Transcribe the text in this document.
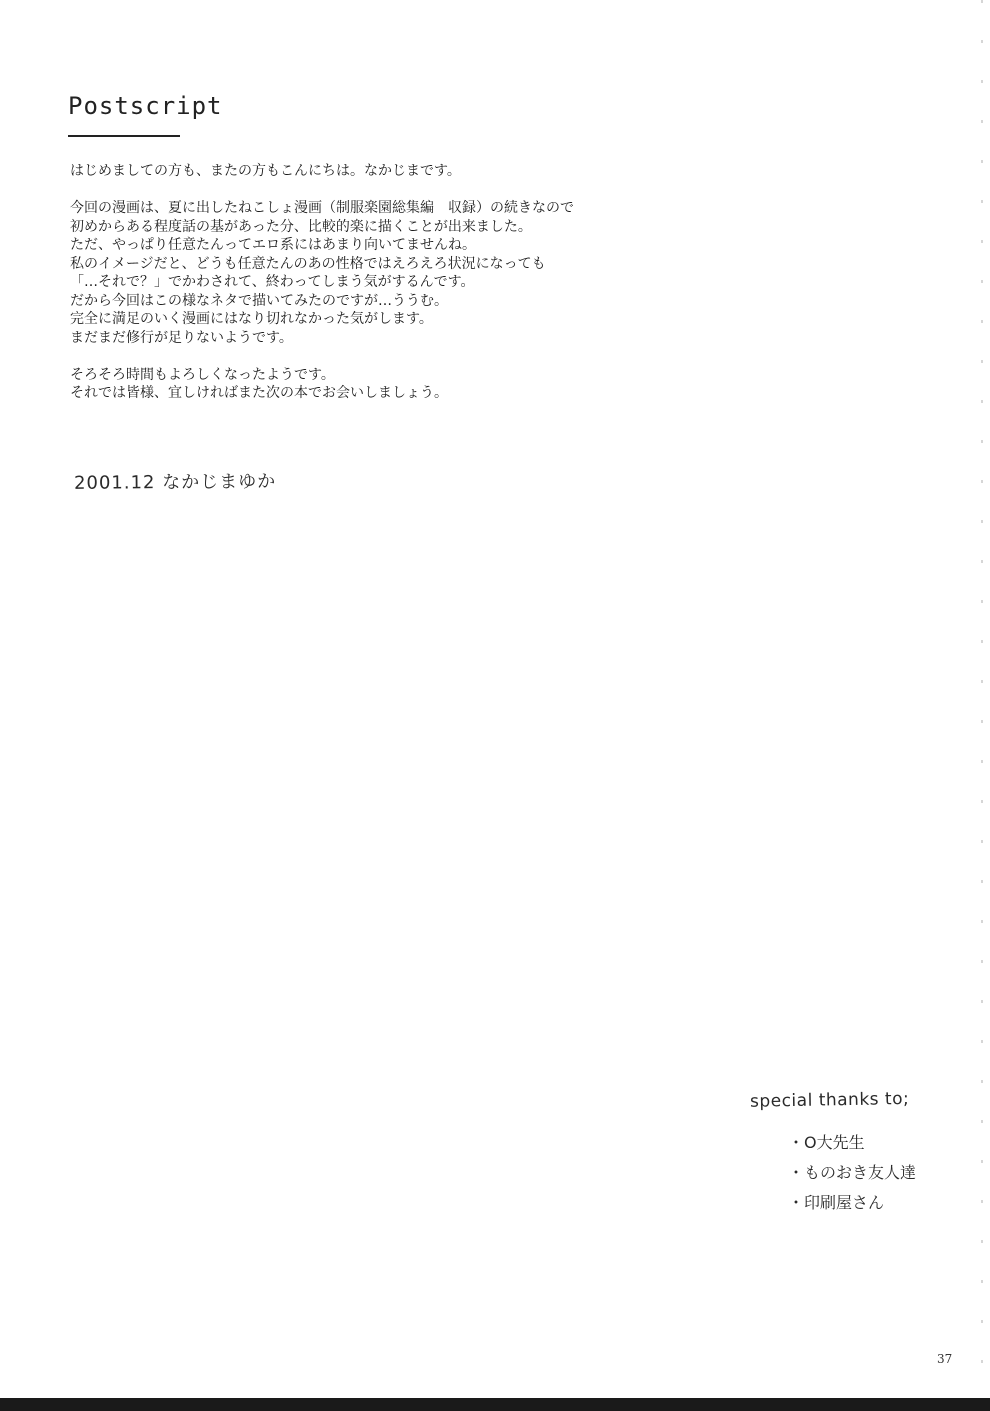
Postscript

はじめましての方も、またの方もこんにちは。なかじまです。

今回の漫画は、夏に出したねこしょ漫画（制服楽園総集編　収録）の続きなので

初めからある程度話の基があった分、比較的楽に描くことが出来ました。

ただ、やっぱり任意たんってエロ系にはあまり向いてませんね。

私のイメージだと、どうも任意たんのあの性格ではえろえろ状況になっても

「…それで？」でかわされて、終わってしまう気がするんです。

だから今回はこの様なネタで描いてみたのですが…ううむ。

完全に満足のいく漫画にはなり切れなかった気がします。

まだまだ修行が足りないようです。

そろそろ時間もよろしくなったようです。

それでは皆様、宜しければまた次の本でお会いしましょう。

2001.12 なかじまゆか
special thanks to;
・O大先生
・ものおき友人達
・印刷屋さん
37
